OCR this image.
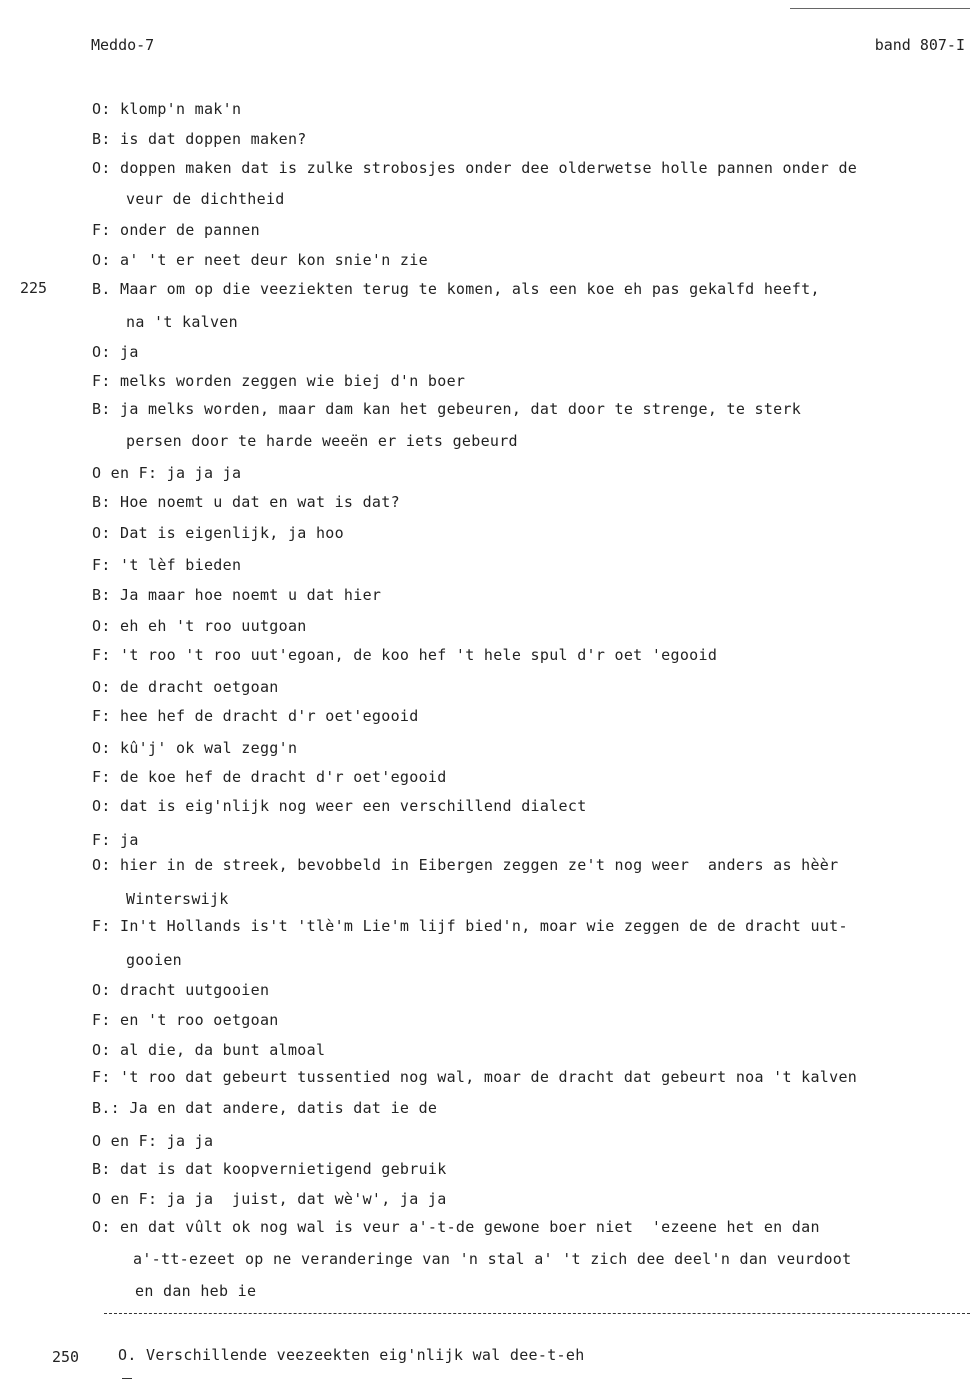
Meddo-7	band 807-I
225
250
O: klomp'n mak'n
B: is dat doppen maken?
O: doppen maken dat is zulke strobosjes onder dee olderwetse holle pannen onder de
veur de dichtheid
F: onder de pannen
O: a' 't er neet deur kon snie'n zie
B. Maar om op die veeziekten terug te komen, als een koe eh pas gekalfd heeft,
na 't kalven
O: ja
F: melks worden zeggen wie biej d'n boer
B: ja melks worden, maar dam kan het gebeuren, dat door te strenge, te sterk
persen door te harde weeën er iets gebeurd
O en F: ja ja ja
B: Hoe noemt u dat en wat is dat?
O: Dat is eigenlijk, ja hoo
F: 't lèf bieden
B: Ja maar hoe noemt u dat hier
O: eh eh 't roo uutgoan
F: 't roo 't roo uut'egoan, de koo hef 't hele spul d'r oet 'egooid
O: de dracht oetgoan
F: hee hef de dracht d'r oet'egooid
O: kû'j' ok wal zegg'n
F: de koe hef de dracht d'r oet'egooid
O: dat is eig'nlijk nog weer een verschillend dialect
F: ja
O: hier in de streek, bevobbeld in Eibergen zeggen ze't nog weer  anders as hèèr
Winterswijk
F: In't Hollands is't 'tlè'm Lie'm lijf bied'n, moar wie zeggen de de dracht uut-
gooien
O: dracht uutgooien
F: en 't roo oetgoan
O: al die, da bunt almoal
F: 't roo dat gebeurt tussentied nog wal, moar de dracht dat gebeurt noa 't kalven
B.: Ja en dat andere, datis dat ie de
O en F: ja ja
B: dat is dat koopvernietigend gebruik
O en F: ja ja  juist, dat wè'w', ja ja
O: en dat vûlt ok nog wal is veur a'-t-de gewone boer niet  'ezeene het en dan
a'-tt-ezeet op ne veranderinge van 'n stal a' 't zich dee deel'n dan veurdoot
en dan heb ie
O. Verschillende veezeekten eig'nlijk wal dee-t-eh
